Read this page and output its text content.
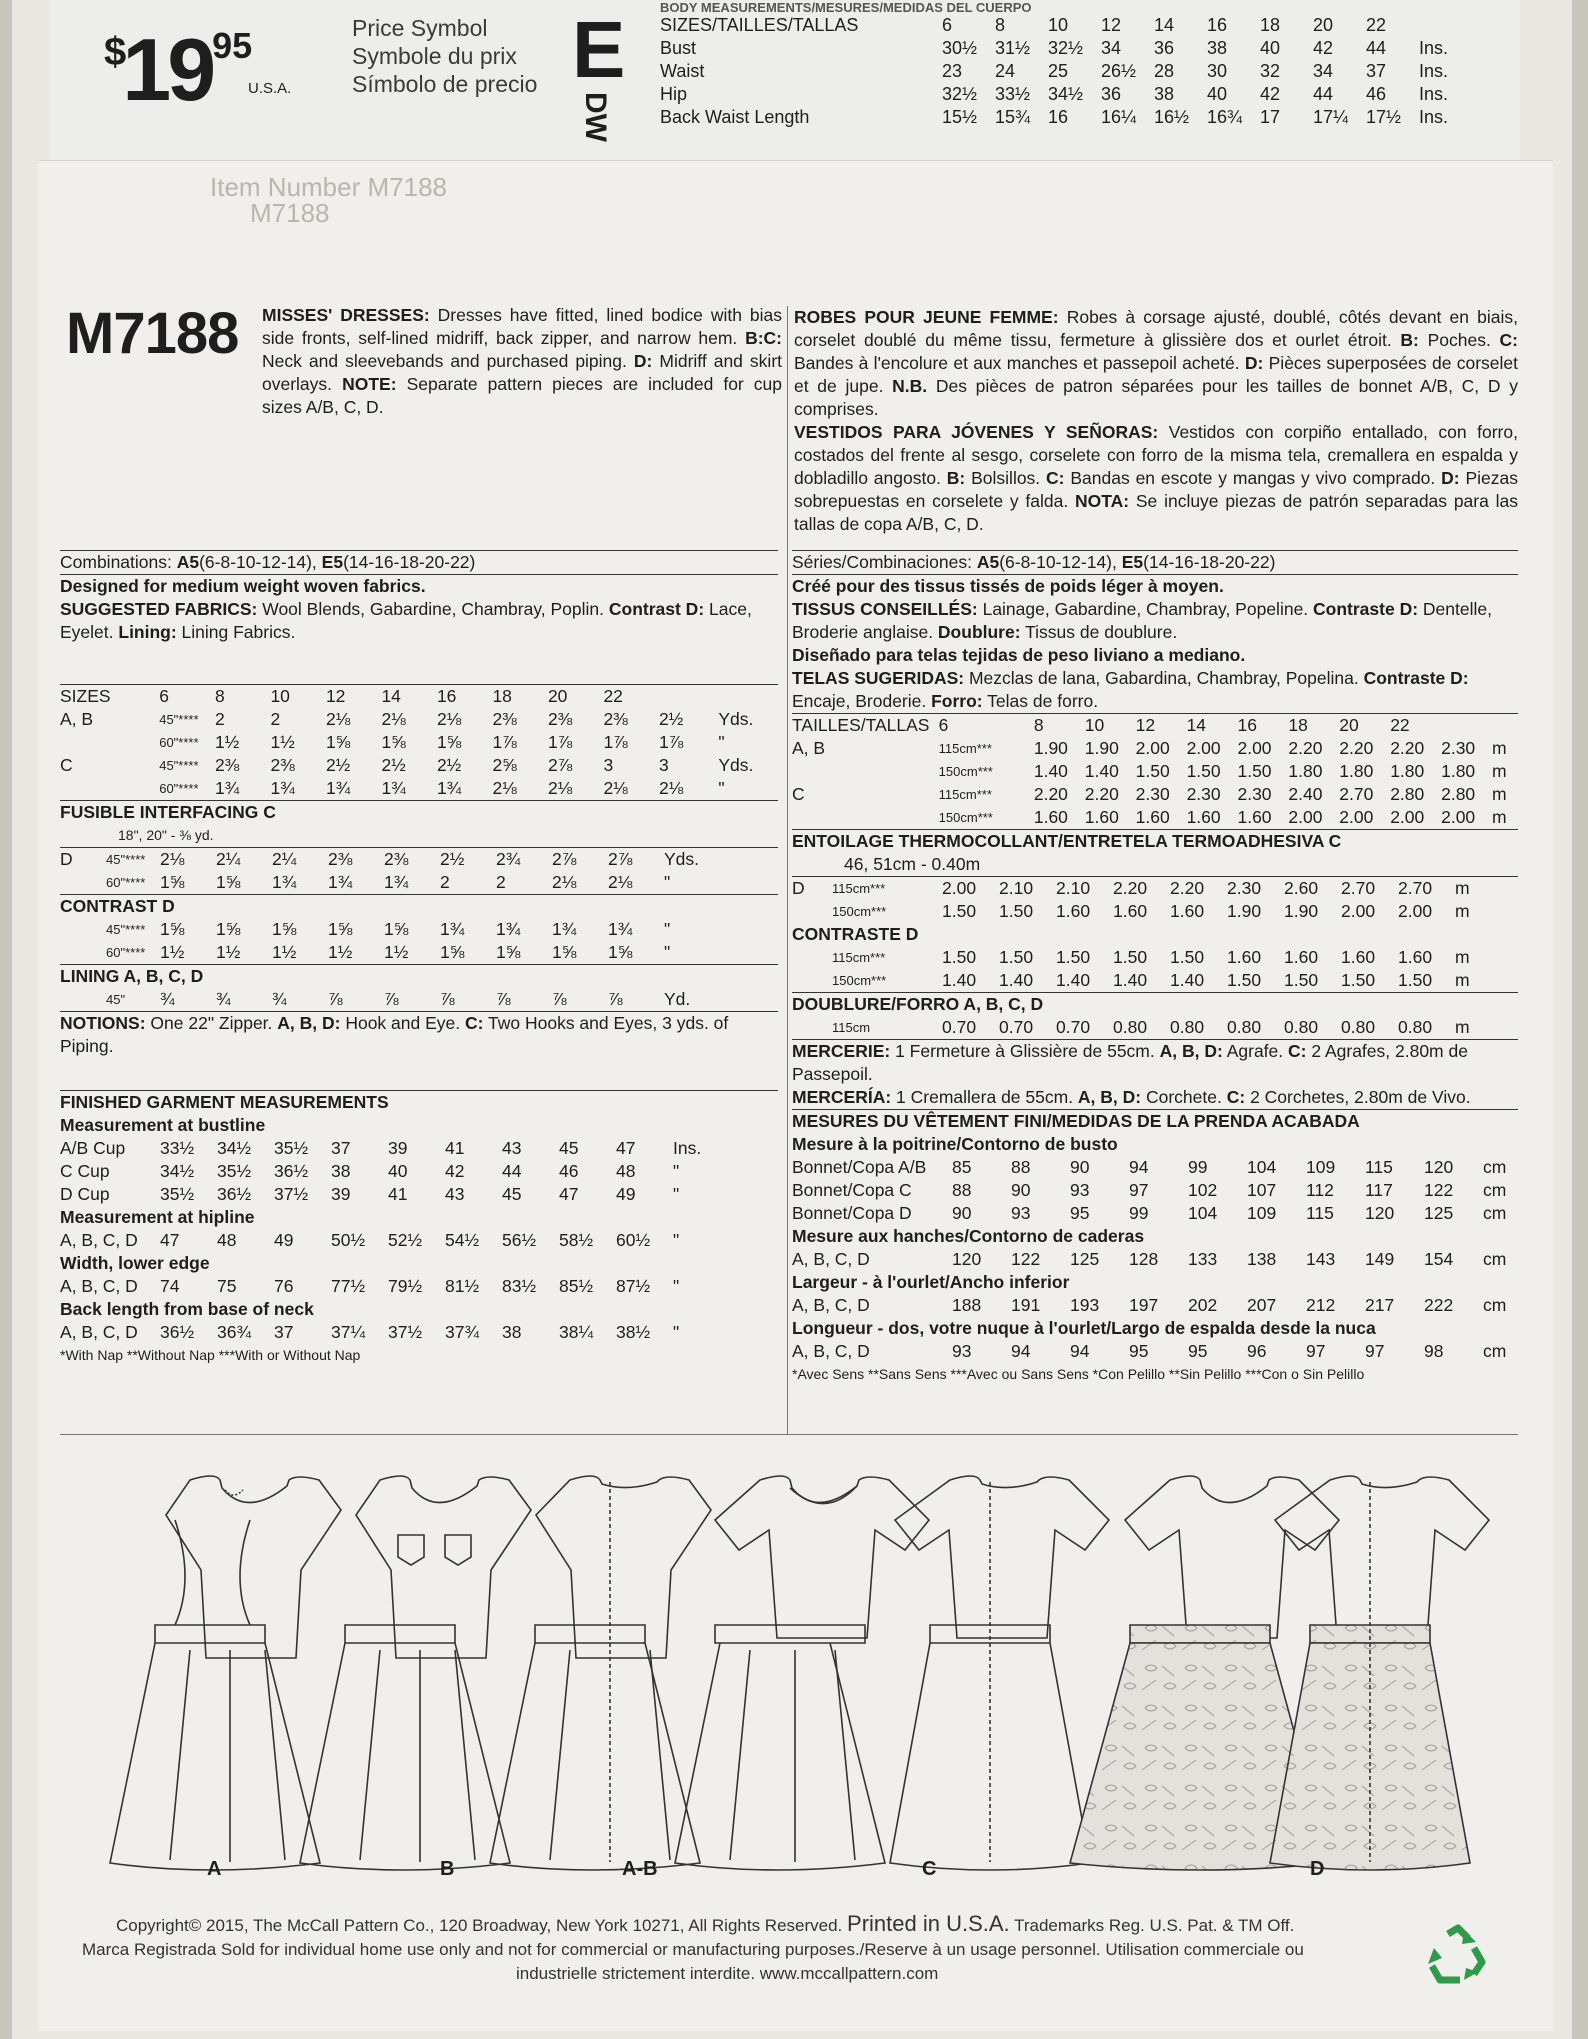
$^{\$}19^{95}$
U.S.A.
Price Symbol
Symbole du prix
Símbolo de precio E
DW
BODY MEASUREMENTS/MESURES/MEDIDAS DEL CUERPO
SIZES/TAILLES/TALLAS	6	8	10	12	14	16	18	20	22	
Bust	30½	31½	32½	34	36	38	40	42	44	Ins.
Waist	23	24	25	26½	28	30	32	34	37	Ins.
Hip	32½	33½	34½	36	38	40	42	44	46	Ins.
Back Waist Length	15½	15¾	16	16¼	16½	16¾	17	17¼	17½	Ins.
Item Number M7188
M7188
M7188 MISSES' DRESSES: Dresses have fitted, lined bodice with bias side fronts, self-lined midriff, back zipper, and narrow hem. B:C: Neck and sleevebands and purchased piping. D: Midriff and skirt overlays. NOTE: Separate pattern pieces are included for cup sizes A/B, C, D.
ROBES POUR JEUNE FEMME: Robes à corsage ajusté, doublé, côtés devant en biais, corselet doublé du même tissu, fermeture à glissière dos et ourlet étroit. B: Poches. C: Bandes à l'encolure et aux manches et passepoil acheté. D: Pièces superposées de corselet et de jupe. N.B. Des pièces de patron séparées pour les tailles de bonnet A/B, C, D y comprises.
VESTIDOS PARA JÓVENES Y SEÑORAS: Vestidos con corpiño entallado, con forro, costados del frente al sesgo, corselete con forro de la misma tela, cremallera en espalda y dobladillo angosto. B: Bolsillos. C: Bandas en escote y mangas y vivo comprado. D: Piezas sobrepuestas en corselete y falda. NOTA: Se incluye piezas de patrón separadas para las tallas de copa A/B, C, D.
Combinations: A5(6-8-10-12-14), E5(14-16-18-20-22)
Designed for medium weight woven fabrics.
SUGGESTED FABRICS: Wool Blends, Gabardine, Chambray, Poplin. Contrast D: Lace, Eyelet. Lining: Lining Fabrics.
SIZES	6	8	10	12	14	16	18	20	22		
A, B	45"****	2	2	2⅛	2⅛	2⅛	2⅜	2⅜	2⅜	2½	Yds.
	60"****	1½	1½	1⅝	1⅝	1⅝	1⅞	1⅞	1⅞	1⅞	"
C	45"****	2⅜	2⅜	2½	2½	2½	2⅝	2⅞	3	3	Yds.
	60"****	1¾	1¾	1¾	1¾	1¾	2⅛	2⅛	2⅛	2⅛	"
FUSIBLE INTERFACING C
18", 20" - ⅜ yd.
D	45"****	2⅛	2¼	2¼	2⅜	2⅜	2½	2¾	2⅞	2⅞	Yds.
	60"****	1⅝	1⅝	1¾	1¾	1¾	2	2	2⅛	2⅛	"
CONTRAST D
	45"****	1⅝	1⅝	1⅝	1⅝	1⅝	1¾	1¾	1¾	1¾	"
	60"****	1½	1½	1½	1½	1½	1⅝	1⅝	1⅝	1⅝	"
LINING A, B, C, D
	45"	¾	¾	¾	⅞	⅞	⅞	⅞	⅞	⅞	Yd.
NOTIONS: One 22" Zipper. A, B, D: Hook and Eye. C: Two Hooks and Eyes, 3 yds. of Piping.
FINISHED GARMENT MEASUREMENTS
Measurement at bustline
A/B Cup	33½	34½	35½	37	39	41	43	45	47	Ins.
C Cup	34½	35½	36½	38	40	42	44	46	48	"
D Cup	35½	36½	37½	39	41	43	45	47	49	"
Measurement at hipline
A, B, C, D	47	48	49	50½	52½	54½	56½	58½	60½	"
Width, lower edge
A, B, C, D	74	75	76	77½	79½	81½	83½	85½	87½	"
Back length from base of neck
A, B, C, D	36½	36¾	37	37¼	37½	37¾	38	38¼	38½	"
*With Nap **Without Nap ***With or Without Nap
Séries/Combinaciones: A5(6-8-10-12-14), E5(14-16-18-20-22)
Créé pour des tissus tissés de poids léger à moyen.
TISSUS CONSEILLÉS: Lainage, Gabardine, Chambray, Popeline. Contraste D: Dentelle, Broderie anglaise. Doublure: Tissus de doublure.
Diseñado para telas tejidas de peso liviano a mediano.
TELAS SUGERIDAS: Mezclas de lana, Gabardina, Chambray, Popelina. Contraste D: Encaje, Broderie. Forro: Telas de forro.
TAILLES/TALLAS	6	8	10	12	14	16	18	20	22		
A, B	115cm***	1.90	1.90	2.00	2.00	2.00	2.20	2.20	2.20	2.30	m
	150cm***	1.40	1.40	1.50	1.50	1.50	1.80	1.80	1.80	1.80	m
C	115cm***	2.20	2.20	2.30	2.30	2.30	2.40	2.70	2.80	2.80	m
	150cm***	1.60	1.60	1.60	1.60	1.60	2.00	2.00	2.00	2.00	m
ENTOILAGE THERMOCOLLANT/ENTRETELA TERMOADHESIVA C
46, 51cm - 0.40m
D	115cm***	2.00	2.10	2.10	2.20	2.20	2.30	2.60	2.70	2.70	m
	150cm***	1.50	1.50	1.60	1.60	1.60	1.90	1.90	2.00	2.00	m
CONTRASTE D
	115cm***	1.50	1.50	1.50	1.50	1.50	1.60	1.60	1.60	1.60	m
	150cm***	1.40	1.40	1.40	1.40	1.40	1.50	1.50	1.50	1.50	m
DOUBLURE/FORRO A, B, C, D
	115cm	0.70	0.70	0.70	0.80	0.80	0.80	0.80	0.80	0.80	m
MERCERIE: 1 Fermeture à Glissière de 55cm. A, B, D: Agrafe. C: 2 Agrafes, 2.80m de Passepoil.
MERCERÍA: 1 Cremallera de 55cm. A, B, D: Corchete. C: 2 Corchetes, 2.80m de Vivo.
MESURES DU VÊTEMENT FINI/MEDIDAS DE LA PRENDA ACABADA
Mesure à la poitrine/Contorno de busto
Bonnet/Copa A/B	85	88	90	94	99	104	109	115	120	cm
Bonnet/Copa C	88	90	93	97	102	107	112	117	122	cm
Bonnet/Copa D	90	93	95	99	104	109	115	120	125	cm
Mesure aux hanches/Contorno de caderas
A, B, C, D	120	122	125	128	133	138	143	149	154	cm
Largeur - à l'ourlet/Ancho inferior
A, B, C, D	188	191	193	197	202	207	212	217	222	cm
Longueur - dos, votre nuque à l'ourlet/Largo de espalda desde la nuca
A, B, C, D	93	94	94	95	95	96	97	97	98	cm
*Avec Sens **Sans Sens ***Avec ou Sans Sens *Con Pelillo **Sin Pelillo ***Con o Sin Pelillo
A	B	A-B	C	D
Copyright© 2015, The McCall Pattern Co., 120 Broadway, New York 10271, All Rights Reserved. Printed in U.S.A. Trademarks Reg. U.S. Pat. & TM Off.
Marca Registrada Sold for individual home use only and not for commercial or manufacturing purposes./Reserve à un usage personnel. Utilisation commerciale ou
industrielle strictement interdite. www.mccallpattern.com
